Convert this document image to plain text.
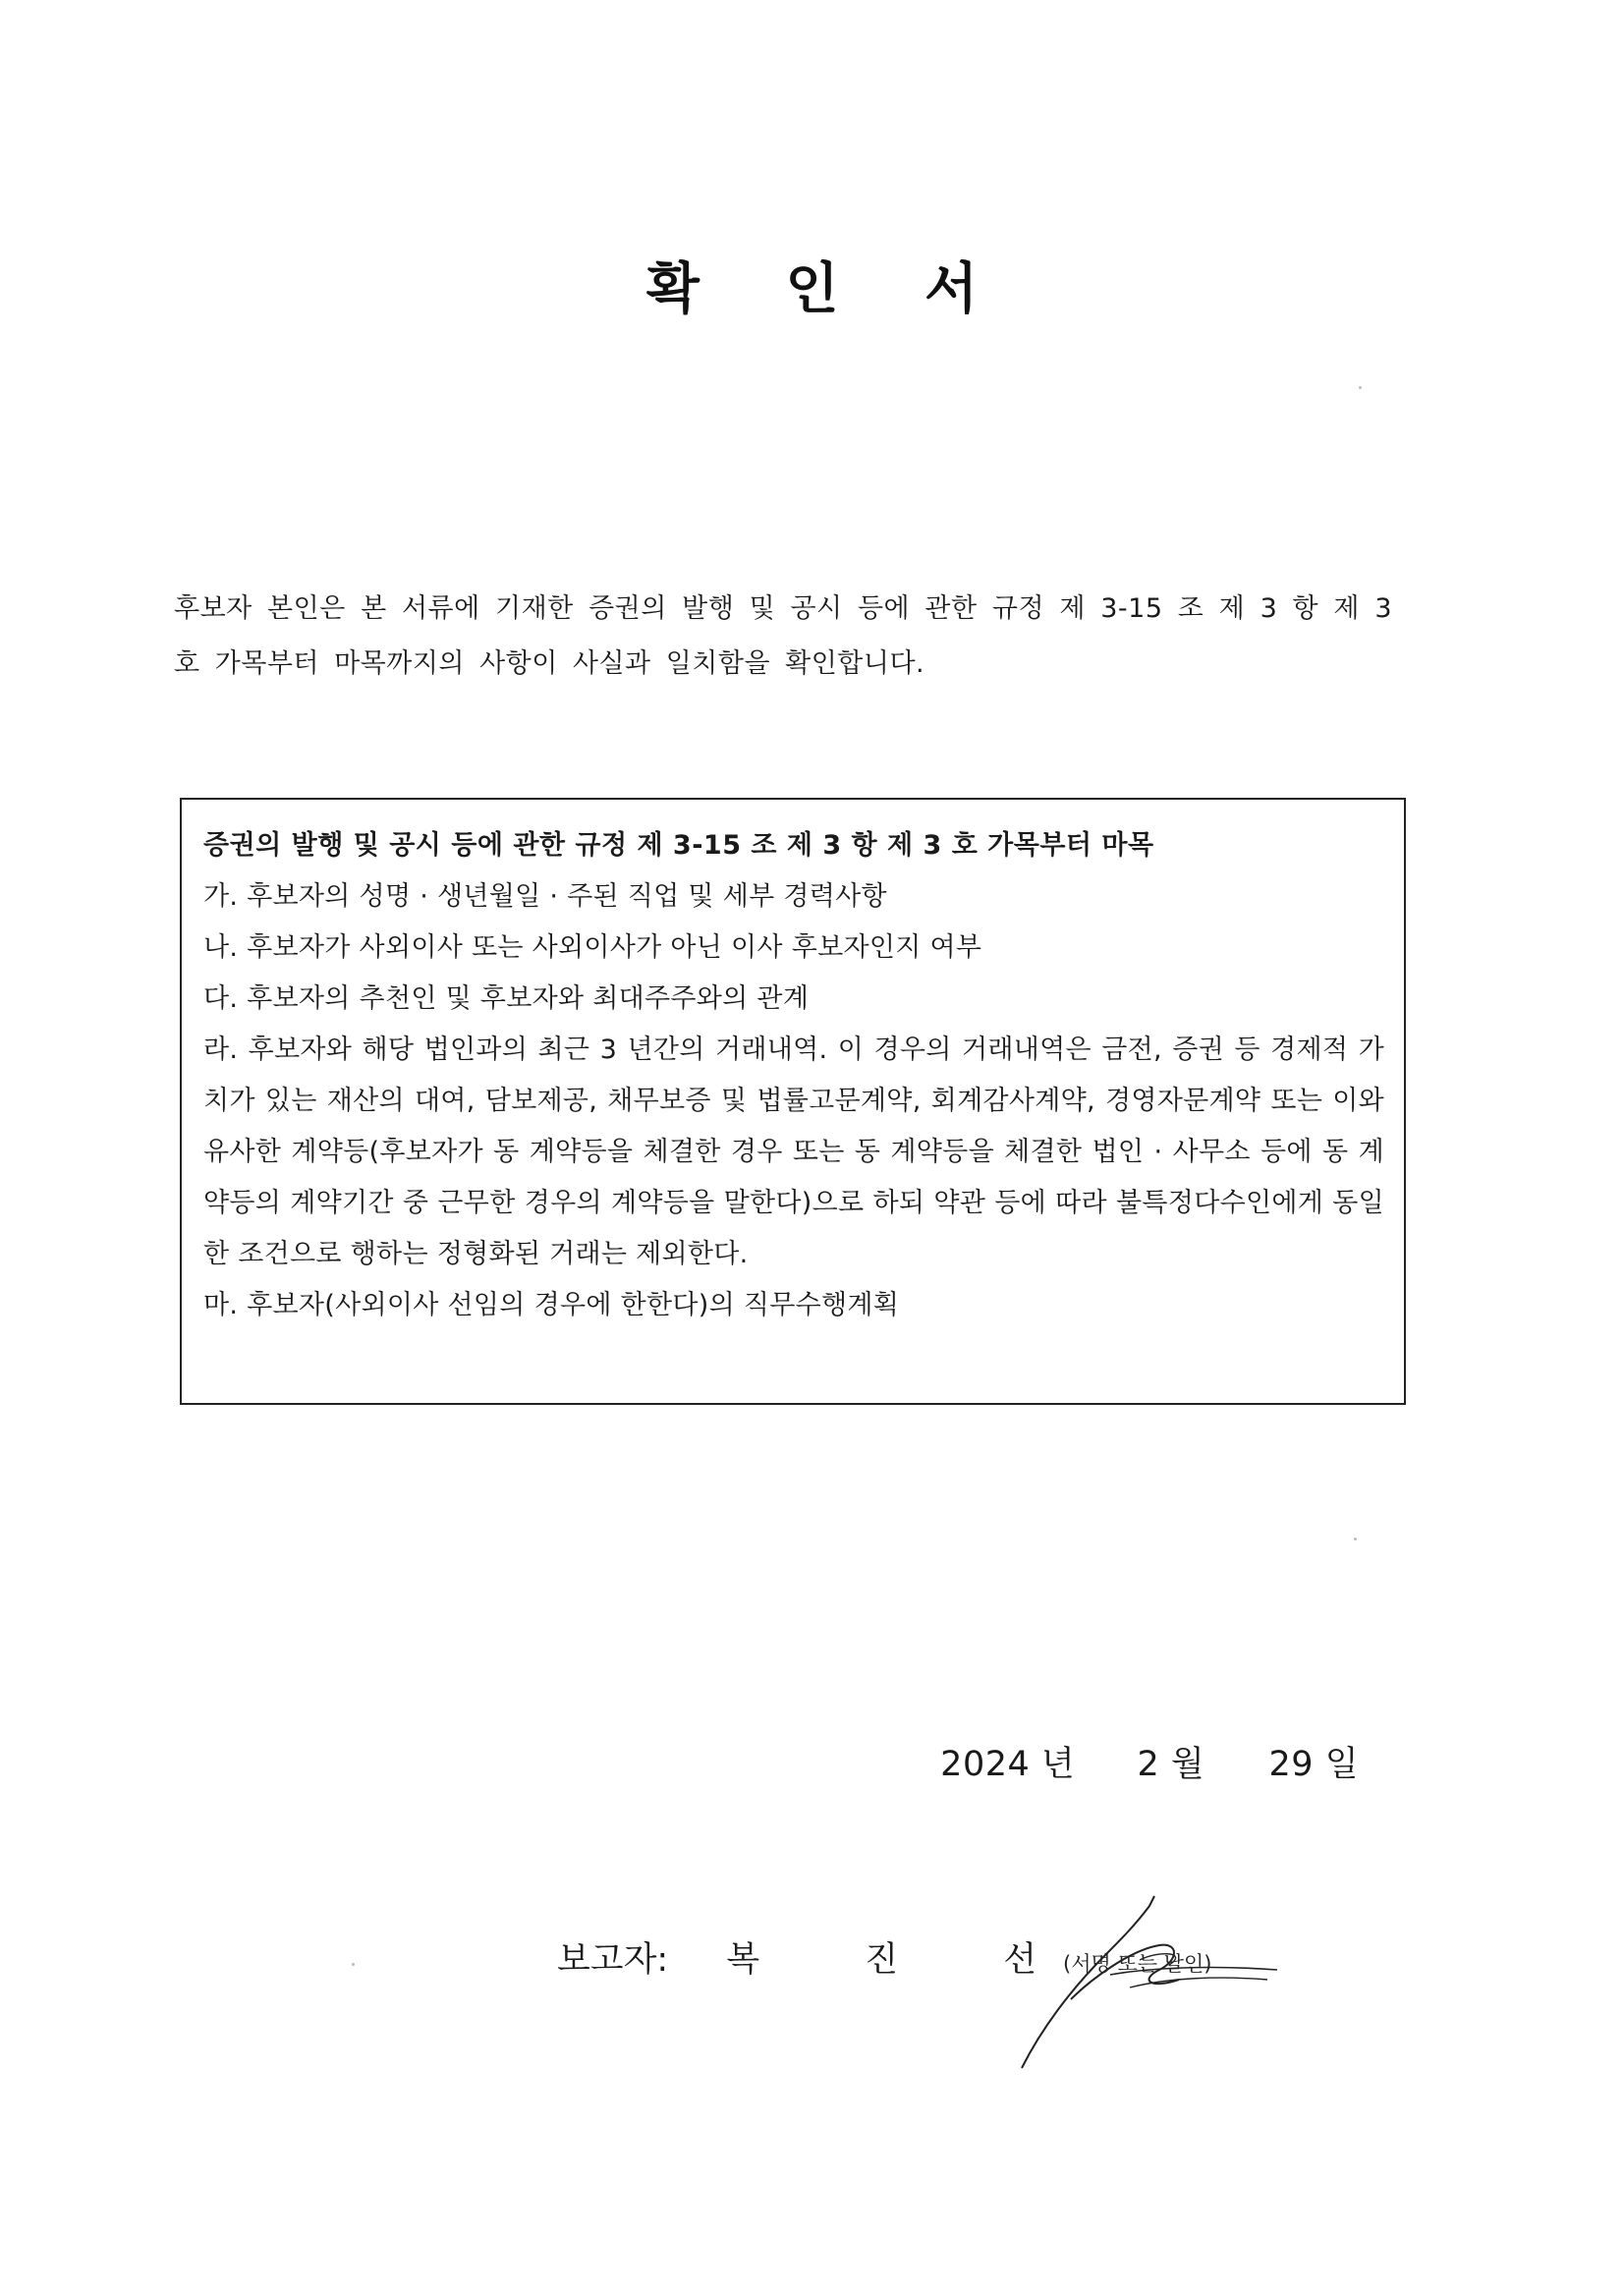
확 인 서
후보자 본인은 본 서류에 기재한 증권의 발행 및 공시 등에 관한 규정 제 3-15 조 제 3 항 제 3 호 가목부터 마목까지의 사항이 사실과 일치함을 확인합니다.
증권의 발행 및 공시 등에 관한 규정 제 3-15 조 제 3 항 제 3 호 가목부터 마목

가. 후보자의 성명 · 생년월일 · 주된 직업 및 세부 경력사항

나. 후보자가 사외이사 또는 사외이사가 아닌 이사 후보자인지 여부

다. 후보자의 추천인 및 후보자와 최대주주와의 관계

라. 후보자와 해당 법인과의 최근 3 년간의 거래내역. 이 경우의 거래내역은 금전, 증권 등 경제적 가치가 있는 재산의 대여, 담보제공, 채무보증 및 법률고문계약, 회계감사계약, 경영자문계약 또는 이와 유사한 계약등(후보자가 동 계약등을 체결한 경우 또는 동 계약등을 체결한 법인 · 사무소 등에 동 계약등의 계약기간 중 근무한 경우의 계약등을 말한다)으로 하되 약관 등에 따라 불특정다수인에게 동일한 조건으로 행하는 정형화된 거래는 제외한다.

마. 후보자(사외이사 선임의 경우에 한한다)의 직무수행계획

2024 년 2 월 29 일
보고자: 복 진 선
(서명 또는 날인)
